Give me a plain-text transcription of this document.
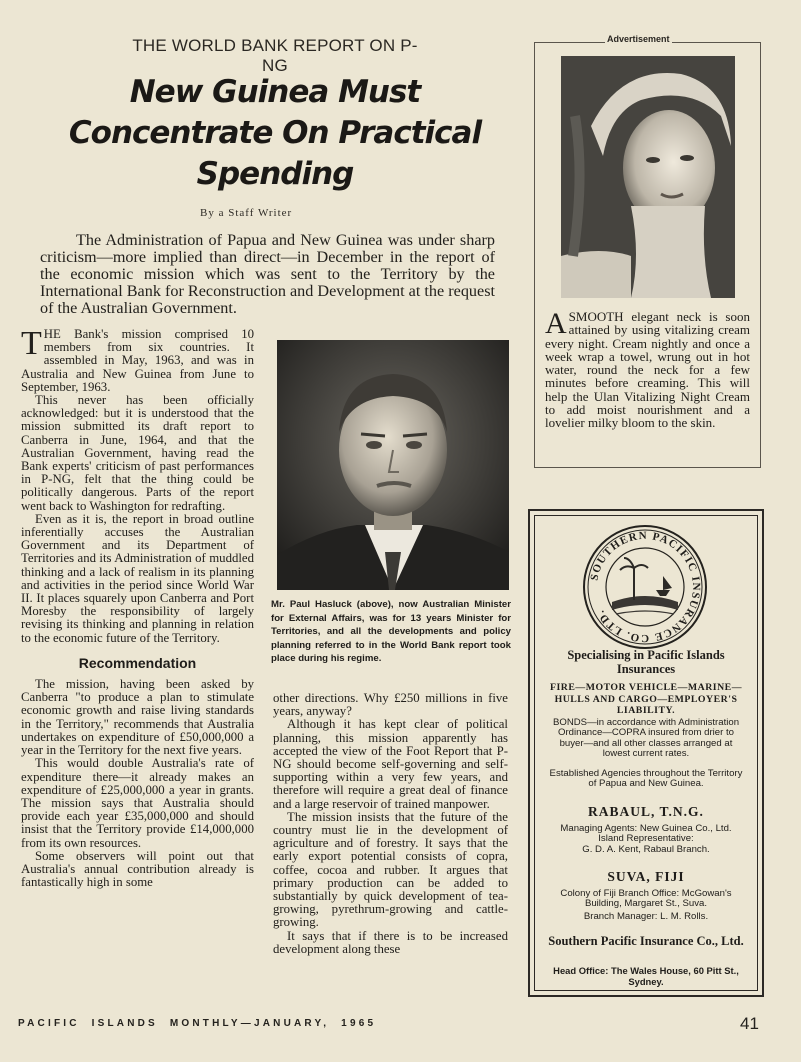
THE WORLD BANK REPORT ON P-NG
New Guinea Must
Concentrate On Practical
Spending
By a Staff Writer
The Administration of Papua and New Guinea was under sharp criticism—more implied than direct—in December in the report of the economic mission which was sent to the Territory by the International Bank for Reconstruction and Development at the request of the Australian Government.

THE Bank's mission comprised 10 members from six countries. It assembled in May, 1963, and was in Australia and New Guinea from June to September, 1963.

This never has been officially acknowledged: but it is understood that the mission submitted its draft report to Canberra in June, 1964, and that the Australian Government, having read the Bank experts' criticism of past performances in P-NG, felt that the thing could be politically dangerous. Parts of the report went back to Washington for redrafting.

Even as it is, the report in broad outline inferentially accuses the Australian Government and its Department of Territories and its Administration of muddled thinking and a lack of realism in its planning and activities in the period since World War II. It places squarely upon Canberra and Port Moresby the responsibility of largely revising its thinking and planning in relation to the economic future of the Territory.

Recommendation

The mission, having been asked by Canberra "to produce a plan to stimulate economic growth and raise living standards in the Territory," recommends that Australia undertakes on expenditure of £50,000,000 a year in the Territory for the next five years.

This would double Australia's rate of expenditure there—it already makes an expenditure of £25,000,000 a year in grants. The mission says that Australia should provide each year £35,000,000 and should insist that the Territory provide £14,000,000 from its own resources.

Some observers will point out that Australia's annual contribution already is fantastically high in some

Mr. Paul Hasluck (above), now Australian Minister for External Affairs, was for 13 years Minister for Territories, and all the developments and policy planning referred to in the World Bank report took place during his regime.

other directions. Why £250 millions in five years, anyway?

Although it has kept clear of political planning, this mission apparently has accepted the view of the Foot Report that P-NG should become self-governing and self-supporting within a very few years, and therefore will require a great deal of finance and a large reservoir of trained manpower.

The mission insists that the future of the country must lie in the development of agriculture and of forestry. It says that the early export potential consists of copra, coffee, cocoa and rubber. It argues that primary production can be added to substantially by quick development of tea-growing, pyrethrum-growing and cattle-growing.

It says that if there is to be increased development along these

Advertisement
ASMOOTH elegant neck is soon attained by using vitalizing cream every night. Cream nightly and once a week wrap a towel, wrung out in hot water, round the neck for a few minutes before creaming. This will help the Ulan Vitalizing Night Cream to add moist nourishment and a lovelier milky bloom to the skin.
SOUTHERN PACIFIC INSURANCE CO. LTD.
Specialising in Pacific Islands Insurances
FIRE—MOTOR VEHICLE—MARINE—HULLS AND CARGO—EMPLOYER'S LIABILITY.
BONDS—in accordance with Administration Ordinance—COPRA insured from drier to buyer—and all other classes arranged at lowest current rates.
Established Agencies throughout the Territory of Papua and New Guinea.
RABAUL, T.N.G.
Managing Agents: New Guinea Co., Ltd.
Island Representative:
G. D. A. Kent, Rabaul Branch.
SUVA, FIJI
Colony of Fiji Branch Office: McGowan's Building, Margaret St., Suva.
Branch Manager: L. M. Rolls.
Southern Pacific Insurance Co., Ltd.
Head Office: The Wales House, 60 Pitt St., Sydney.
PACIFIC  ISLANDS  MONTHLY—JANUARY,  1965	41
